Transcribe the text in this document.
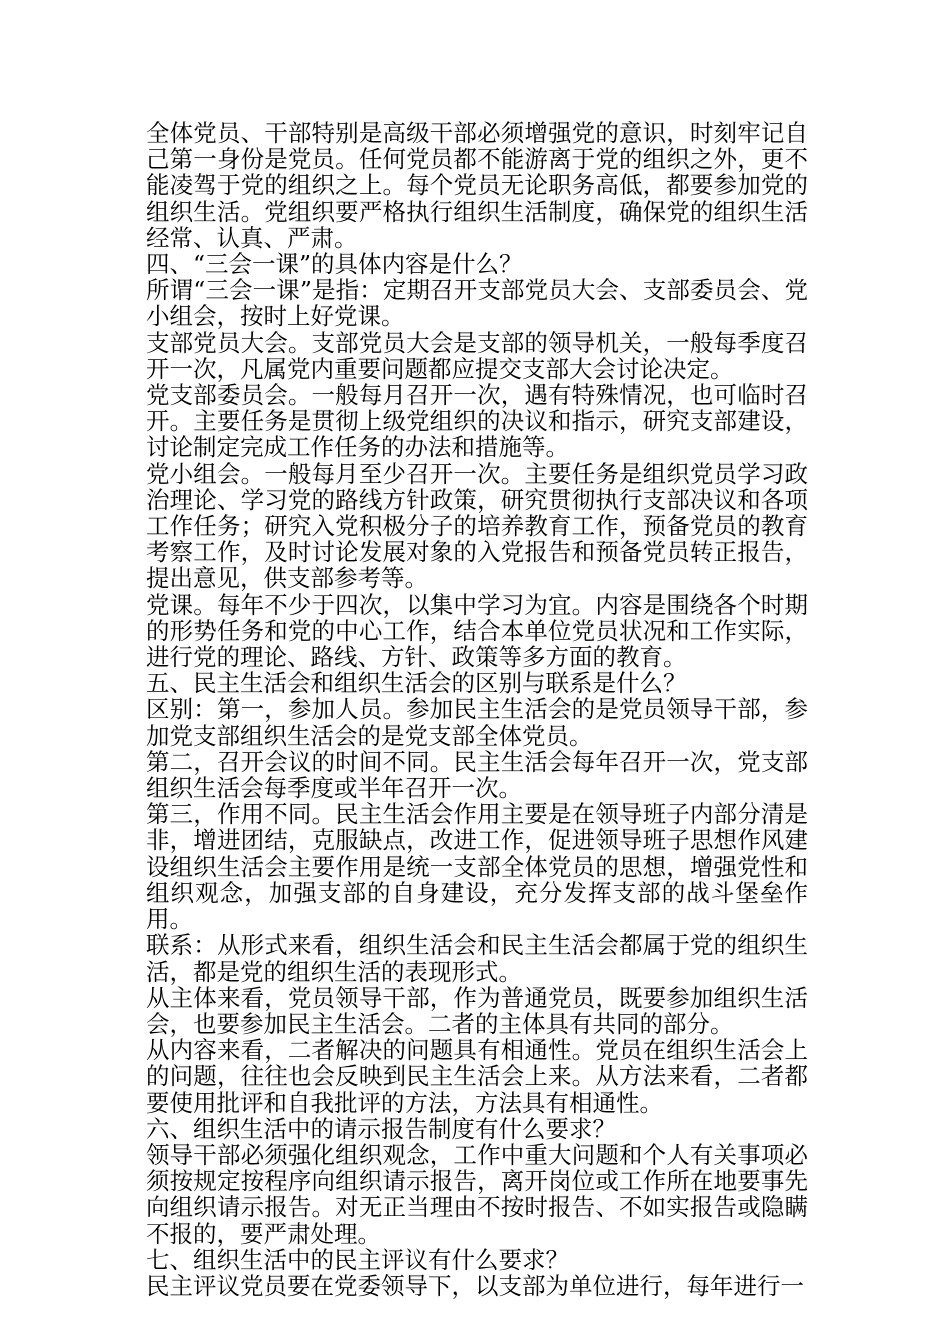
全体党员、干部特别是高级干部必须增强党的意识，时刻牢记自己第一身份是党员。任何党员都不能游离于党的组织之外，更不能凌驾于党的组织之上。每个党员无论职务高低，都要参加党的组织生活。党组织要严格执行组织生活制度，确保党的组织生活经常、认真、严肃。

四、“三会一课”的具体内容是什么？

所谓“三会一课”是指：定期召开支部党员大会、支部委员会、党小组会，按时上好党课。

支部党员大会。支部党员大会是支部的领导机关，一般每季度召开一次，凡属党内重要问题都应提交支部大会讨论决定。

党支部委员会。一般每月召开一次，遇有特殊情况，也可临时召开。主要任务是贯彻上级党组织的决议和指示，研究支部建设，讨论制定完成工作任务的办法和措施等。

党小组会。一般每月至少召开一次。主要任务是组织党员学习政治理论、学习党的路线方针政策，研究贯彻执行支部决议和各项工作任务；研究入党积极分子的培养教育工作，预备党员的教育考察工作，及时讨论发展对象的入党报告和预备党员转正报告，提出意见，供支部参考等。

党课。每年不少于四次，以集中学习为宜。内容是围绕各个时期的形势任务和党的中心工作，结合本单位党员状况和工作实际，进行党的理论、路线、方针、政策等多方面的教育。

五、民主生活会和组织生活会的区别与联系是什么？

区别：第一，参加人员。参加民主生活会的是党员领导干部，参加党支部组织生活会的是党支部全体党员。

第二，召开会议的时间不同。民主生活会每年召开一次，党支部组织生活会每季度或半年召开一次。

第三，作用不同。民主生活会作用主要是在领导班子内部分清是非，增进团结，克服缺点，改进工作，促进领导班子思想作风建设组织生活会主要作用是统一支部全体党员的思想，增强党性和组织观念，加强支部的自身建设，充分发挥支部的战斗堡垒作用。

联系：从形式来看，组织生活会和民主生活会都属于党的组织生活，都是党的组织生活的表现形式。

从主体来看，党员领导干部，作为普通党员，既要参加组织生活会，也要参加民主生活会。二者的主体具有共同的部分。

从内容来看，二者解决的问题具有相通性。党员在组织生活会上的问题，往往也会反映到民主生活会上来。从方法来看，二者都要使用批评和自我批评的方法，方法具有相通性。

六、组织生活中的请示报告制度有什么要求？

领导干部必须强化组织观念，工作中重大问题和个人有关事项必须按规定按程序向组织请示报告，离开岗位或工作所在地要事先向组织请示报告。对无正当理由不按时报告、不如实报告或隐瞒不报的，要严肃处理。

七、组织生活中的民主评议有什么要求？

民主评议党员要在党委领导下，以支部为单位进行，每年进行一
